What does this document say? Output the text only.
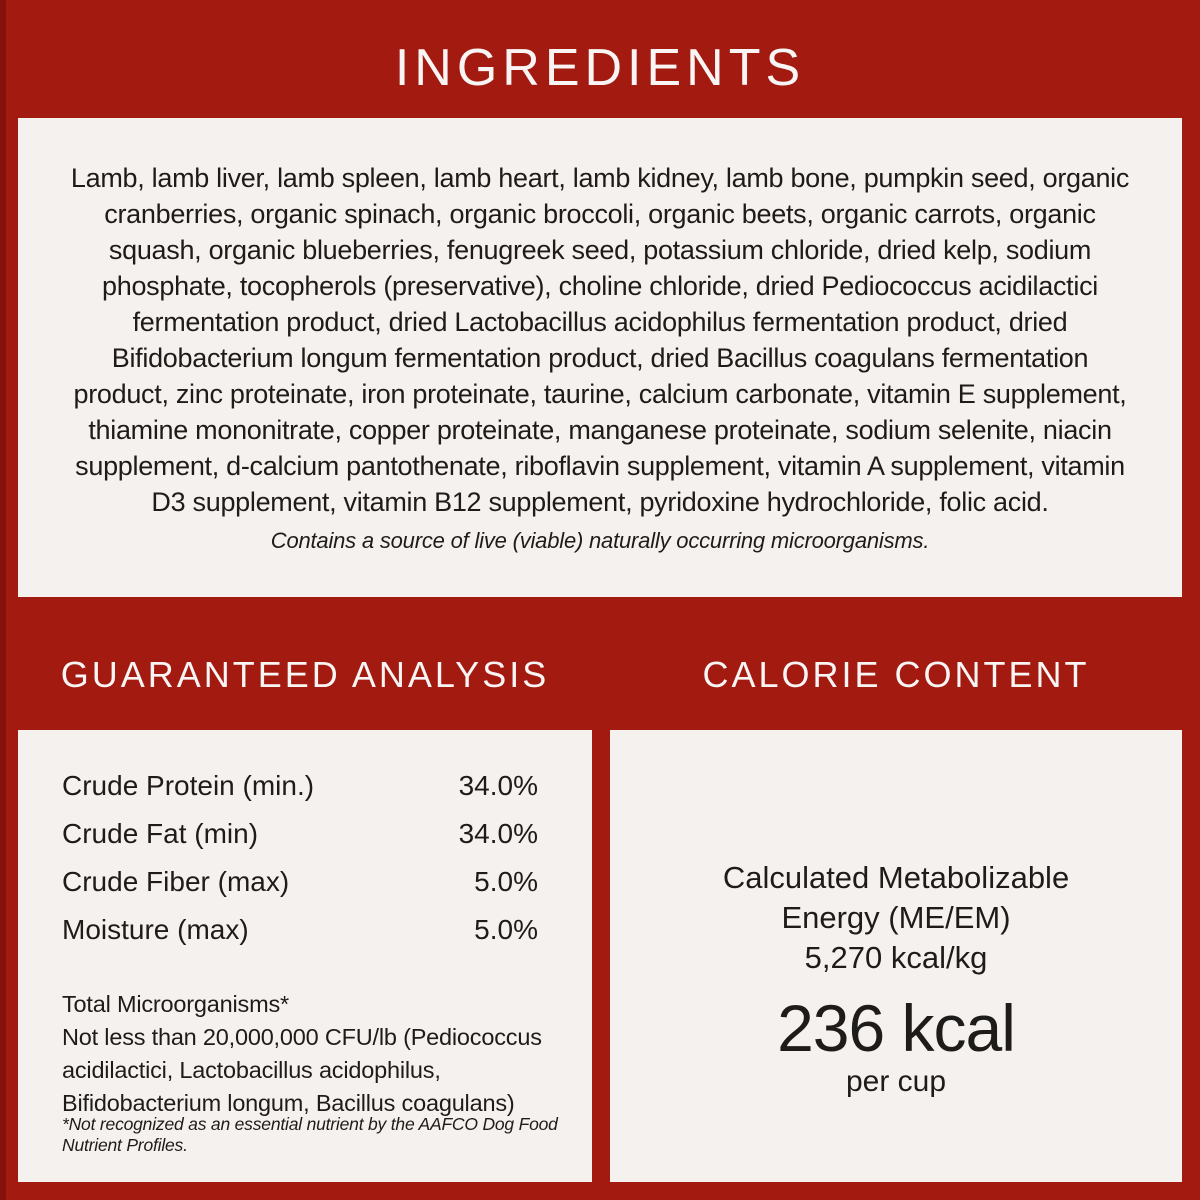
INGREDIENTS

Lamb, lamb liver, lamb spleen, lamb heart, lamb kidney, lamb bone, pumpkin seed, organic cranberries, organic spinach, organic broccoli, organic beets, organic carrots, organic squash, organic blueberries, fenugreek seed, potassium chloride, dried kelp, sodium phosphate, tocopherols (preservative), choline chloride, dried Pediococcus acidilactici fermentation product, dried Lactobacillus acidophilus fermentation product, dried Bifidobacterium longum fermentation product, dried Bacillus coagulans fermentation product, zinc proteinate, iron proteinate, taurine, calcium carbonate, vitamin E supplement, thiamine mononitrate, copper proteinate, manganese proteinate, sodium selenite, niacin supplement, d-calcium pantothenate, riboflavin supplement, vitamin A supplement, vitamin D3 supplement, vitamin B12 supplement, pyridoxine hydrochloride, folic acid.

Contains a source of live (viable) naturally occurring microorganisms.

GUARANTEED ANALYSIS	CALORIE CONTENT
Crude Protein (min.)	34.0%
Crude Fat (min)	34.0%
Crude Fiber (max)	5.0%
Moisture (max)	5.0%

Total Microorganisms*

Not less than 20,000,000 CFU/lb (Pediococcus acidilactici, Lactobacillus acidophilus, Bifidobacterium longum, Bacillus coagulans)

*Not recognized as an essential nutrient by the AAFCO Dog Food Nutrient Profiles.

Calculated Metabolizable
Energy (ME/EM)
5,270 kcal/kg
236 kcal
per cup
